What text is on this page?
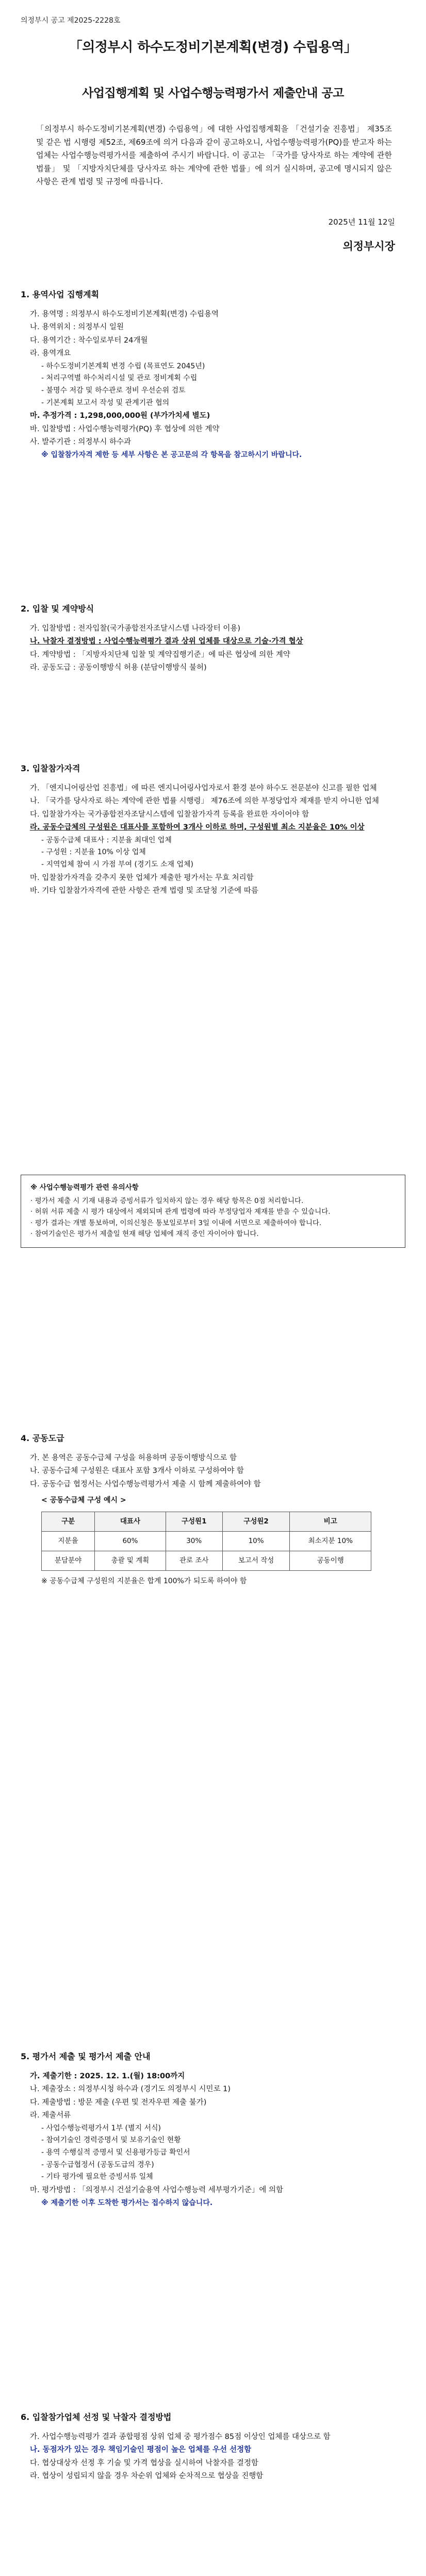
의정부시 공고 제2025-2228호
「의정부시 하수도정비기본계획(변경) 수립용역」
사업집행계획 및 사업수행능력평가서 제출안내 공고
「의정부시 하수도정비기본계획(변경) 수립용역」에 대한 사업집행계획을 「건설기술 진흥법」 제35조 및 같은 법 시행령 제52조, 제69조에 의거 다음과 같이 공고하오니, 사업수행능력평가(PQ)를 받고자 하는 업체는 사업수행능력평가서를 제출하여 주시기 바랍니다. 이 공고는 「국가를 당사자로 하는 계약에 관한 법률」 및 「지방자치단체를 당사자로 하는 계약에 관한 법률」에 의거 실시하며, 공고에 명시되지 않은 사항은 관계 법령 및 규정에 따릅니다.
2025년 11월 12일
의정부시장
1. 용역사업 집행계획
가. 용역명 : 의정부시 하수도정비기본계획(변경) 수립용역
나. 용역위치 : 의정부시 일원
다. 용역기간 : 착수일로부터 24개월
라. 용역개요
- 하수도정비기본계획 변경 수립 (목표연도 2045년)
- 처리구역별 하수처리시설 및 관로 정비계획 수립
- 불명수 저감 및 하수관로 정비 우선순위 검토
- 기본계획 보고서 작성 및 관계기관 협의
마. 추정가격 : 1,298,000,000원 (부가가치세 별도)
바. 입찰방법 : 사업수행능력평가(PQ) 후 협상에 의한 계약
사. 발주기관 : 의정부시 하수과
※ 입찰참가자격 제한 등 세부 사항은 본 공고문의 각 항목을 참고하시기 바랍니다.
2. 입찰 및 계약방식
가. 입찰방법 : 전자입찰(국가종합전자조달시스템 나라장터 이용)
나. 낙찰자 결정방법 : 사업수행능력평가 결과 상위 업체를 대상으로 기술·가격 협상
다. 계약방법 : 「지방자치단체 입찰 및 계약집행기준」에 따른 협상에 의한 계약
라. 공동도급 : 공동이행방식 허용 (분담이행방식 불허)
3. 입찰참가자격
가. 「엔지니어링산업 진흥법」에 따른 엔지니어링사업자로서 환경 분야 하수도 전문분야 신고를 필한 업체
나. 「국가를 당사자로 하는 계약에 관한 법률 시행령」 제76조에 의한 부정당업자 제재를 받지 아니한 업체
다. 입찰참가자는 국가종합전자조달시스템에 입찰참가자격 등록을 완료한 자이어야 함
라. 공동수급체의 구성원은 대표사를 포함하여 3개사 이하로 하며, 구성원별 최소 지분율은 10% 이상
- 공동수급체 대표사 : 지분율 최대인 업체
- 구성원 : 지분율 10% 이상 업체
- 지역업체 참여 시 가점 부여 (경기도 소재 업체)
마. 입찰참가자격을 갖추지 못한 업체가 제출한 평가서는 무효 처리함
바. 기타 입찰참가자격에 관한 사항은 관계 법령 및 조달청 기준에 따름
※ 사업수행능력평가 관련 유의사항
· 평가서 제출 시 기재 내용과 증빙서류가 일치하지 않는 경우 해당 항목은 0점 처리합니다.
· 허위 서류 제출 시 평가 대상에서 제외되며 관계 법령에 따라 부정당업자 제재를 받을 수 있습니다.
· 평가 결과는 개별 통보하며, 이의신청은 통보일로부터 3일 이내에 서면으로 제출하여야 합니다.
· 참여기술인은 평가서 제출일 현재 해당 업체에 재직 중인 자이어야 합니다.
4. 공동도급
가. 본 용역은 공동수급체 구성을 허용하며 공동이행방식으로 함
나. 공동수급체 구성원은 대표사 포함 3개사 이하로 구성하여야 함
다. 공동수급 협정서는 사업수행능력평가서 제출 시 함께 제출하여야 함
< 공동수급체 구성 예시 >
구분	대표사	구성원1	구성원2	비고
지분율	60%	30%	10%	최소지분 10%
분담분야	총괄 및 계획	관로 조사	보고서 작성	공동이행
※ 공동수급체 구성원의 지분율은 합계 100%가 되도록 하여야 함
5. 평가서 제출 및 평가서 제출 안내
가. 제출기한 : 2025. 12. 1.(월) 18:00까지
나. 제출장소 : 의정부시청 하수과 (경기도 의정부시 시민로 1)
다. 제출방법 : 방문 제출 (우편 및 전자우편 제출 불가)
라. 제출서류
- 사업수행능력평가서 1부 (별지 서식)
- 참여기술인 경력증명서 및 보유기술인 현황
- 용역 수행실적 증명서 및 신용평가등급 확인서
- 공동수급협정서 (공동도급의 경우)
- 기타 평가에 필요한 증빙서류 일체
마. 평가방법 : 「의정부시 건설기술용역 사업수행능력 세부평가기준」에 의함
※ 제출기한 이후 도착한 평가서는 접수하지 않습니다.
6. 입찰참가업체 선정 및 낙찰자 결정방법
가. 사업수행능력평가 결과 종합평점 상위 업체 중 평가점수 85점 이상인 업체를 대상으로 함
나. 동점자가 있는 경우 책임기술인 평점이 높은 업체를 우선 선정함
다. 협상대상자 선정 후 기술 및 가격 협상을 실시하여 낙찰자를 결정함
라. 협상이 성립되지 않을 경우 차순위 업체와 순차적으로 협상을 진행함
